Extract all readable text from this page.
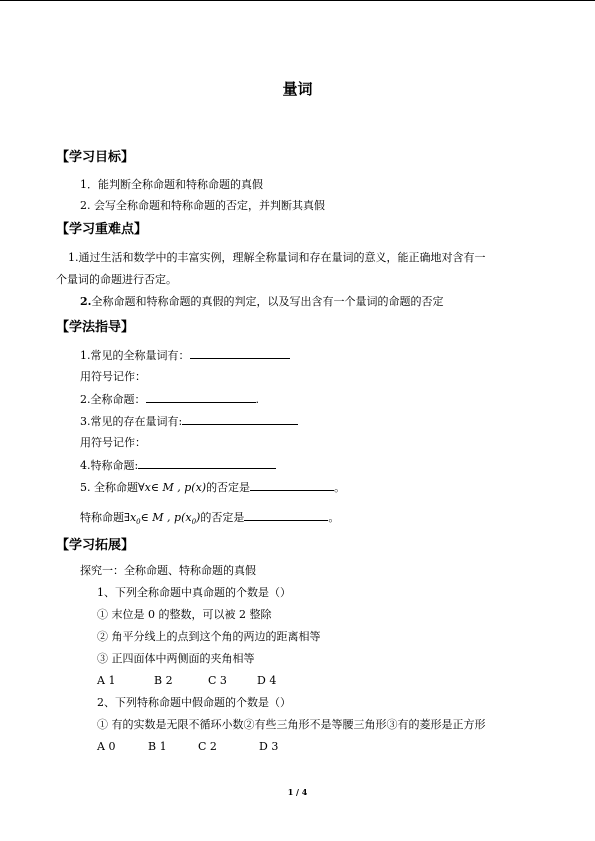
量词
【学习目标】
1．能判断全称命题和特称命题的真假
2. 会写全称命题和特称命题的否定，并判断其真假
【学习重难点】
1.通过生活和数学中的丰富实例，理解全称量词和存在量词的意义，能正确地对含有一
个量词的命题进行否定。
2.全称命题和特称命题的真假的判定，以及写出含有一个量词的命题的否定
【学法指导】
1.常见的全称量词有：
用符号记作：
2.全称命题：	.
3.常见的存在量词有:
用符号记作：
4.特称命题:
5. 全称命题∀x∈ M , p(x)的否定是	。
特称命题$\exists x_0\in$ M , $p(x_0)$的否定是	。
【学习拓展】
探究一：全称命题、特称命题的真假
1、下列全称命题中真命题的个数是（）
① 末位是 0 的整数，可以被 2 整除
② 角平分线上的点到这个角的两边的距离相等
③ 正四面体中两侧面的夹角相等
A 1	B 2	C 3	D 4
2、下列特称命题中假命题的个数是（）
① 有的实数是无限不循环小数②有些三角形不是等腰三角形③有的菱形是正方形
A 0	B 1	C 2	D 3
1 / 4
